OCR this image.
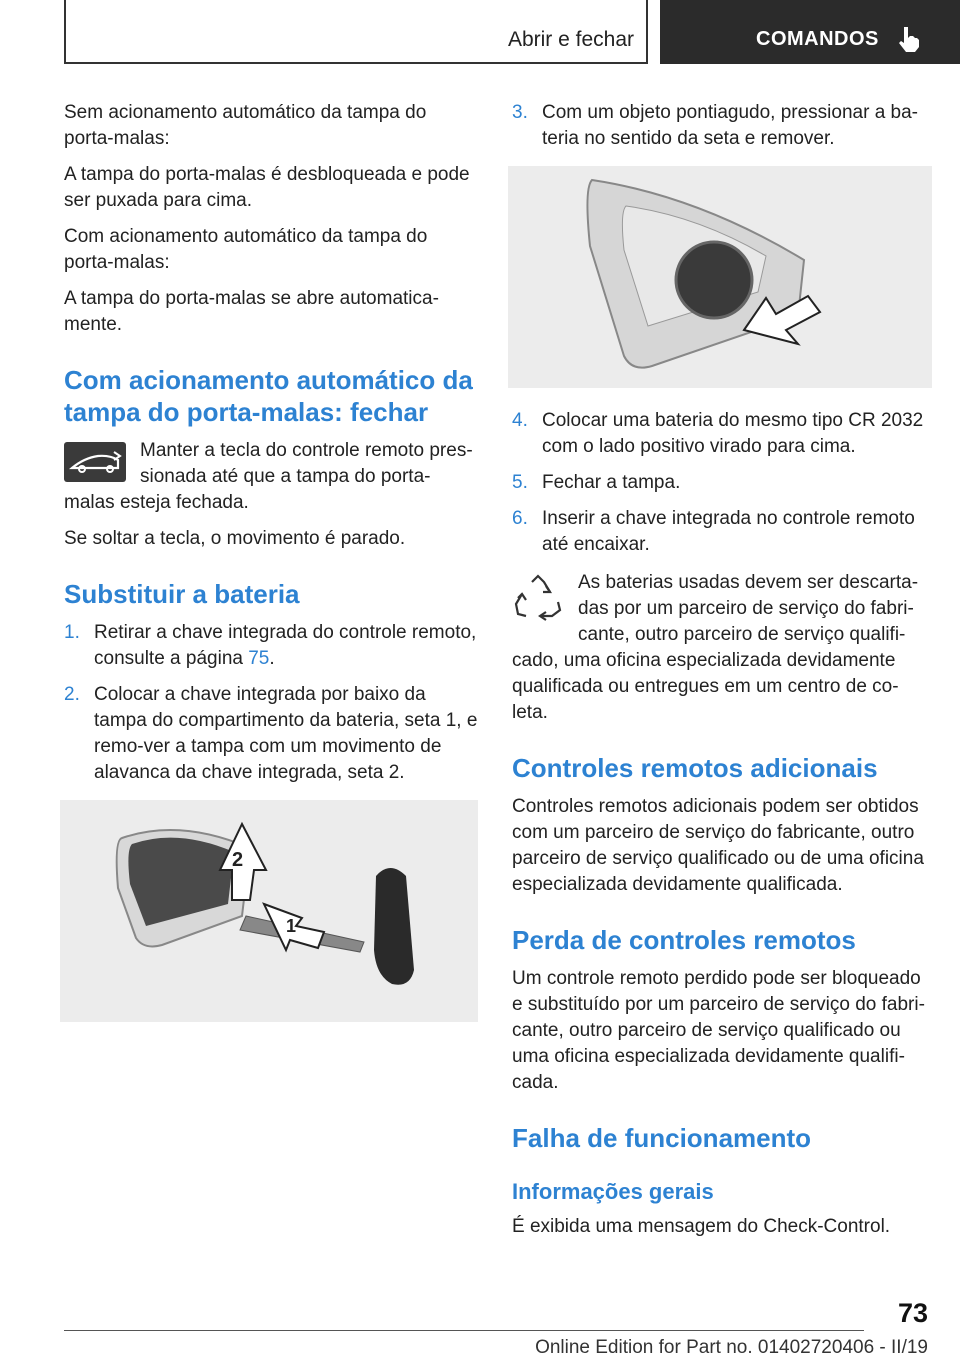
Abrir e fechar	COMANDOS

Sem acionamento automático da tampa do porta-malas:

A tampa do porta-malas é desbloqueada e pode ser puxada para cima.

Com acionamento automático da tampa do porta-malas:

A tampa do porta-malas se abre automatica-mente.

Com acionamento automático da tampa do porta-malas: fechar

Manter a tecla do controle remoto pres-sionada até que a tampa do porta-malas esteja fechada.

Se soltar a tecla, o movimento é parado.

Substituir a bateria
1. Retirar a chave integrada do controle remoto, consulte a página 75.
2. Colocar a chave integrada por baixo da tampa do compartimento da bateria, seta 1, e remo-ver a tampa com um movimento de alavanca da chave integrada, seta 2.
2
1
3. Com um objeto pontiagudo, pressionar a ba-teria no sentido da seta e remover.
4. Colocar uma bateria do mesmo tipo CR 2032 com o lado positivo virado para cima.
5. Fechar a tampa.
6. Inserir a chave integrada no controle remoto até encaixar.

As baterias usadas devem ser descarta-das por um parceiro de serviço do fabri-cante, outro parceiro de serviço qualifi-cado, uma oficina especializada devidamente qualificada ou entregues em um centro de co-leta.

Controles remotos adicionais

Controles remotos adicionais podem ser obtidos com um parceiro de serviço do fabricante, outro parceiro de serviço qualificado ou de uma oficina especializada devidamente qualificada.

Perda de controles remotos

Um controle remoto perdido pode ser bloqueado e substituído por um parceiro de serviço do fabri-cante, outro parceiro de serviço qualificado ou uma oficina especializada devidamente qualifi-cada.

Falha de funcionamento
Informações gerais

É exibida uma mensagem do Check-Control.

73
Online Edition for Part no. 01402720406 - II/19
